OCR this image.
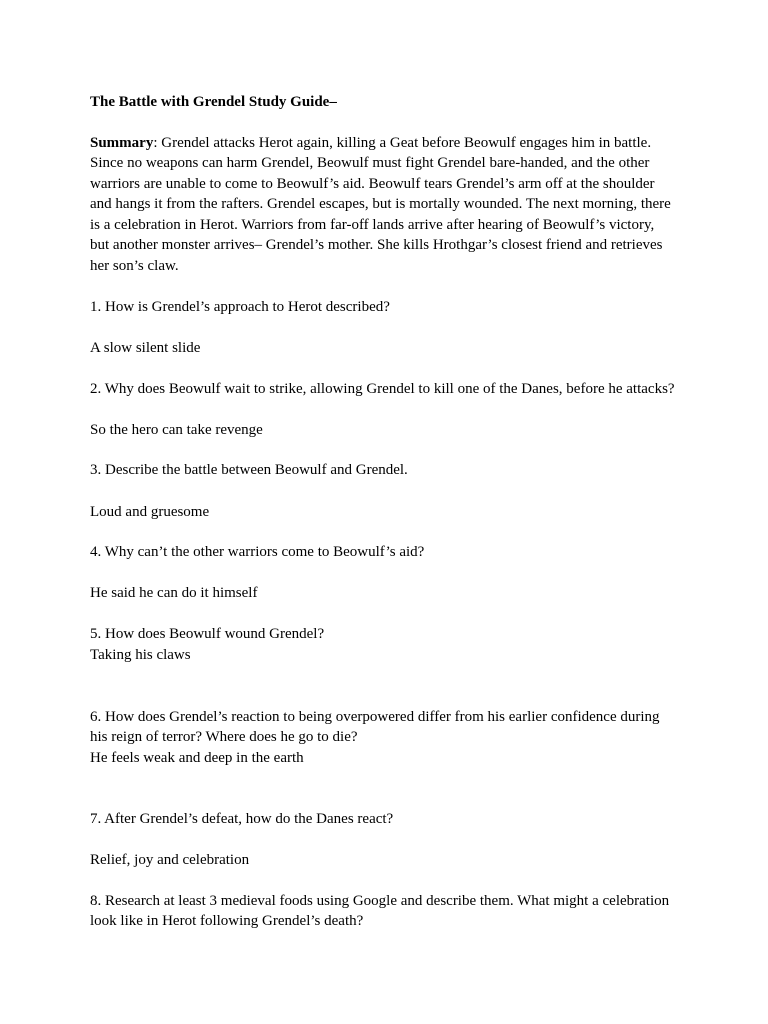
The Battle with Grendel Study Guide–
Summary: Grendel attacks Herot again, killing a Geat before Beowulf engages him in battle.
Since no weapons can harm Grendel, Beowulf must fight Grendel bare-handed, and the other
warriors are unable to come to Beowulf’s aid. Beowulf tears Grendel’s arm off at the shoulder
and hangs it from the rafters. Grendel escapes, but is mortally wounded. The next morning, there
is a celebration in Herot. Warriors from far-off lands arrive after hearing of Beowulf’s victory,
but another monster arrives– Grendel’s mother. She kills Hrothgar’s closest friend and retrieves
her son’s claw.
1. How is Grendel’s approach to Herot described?
A slow silent slide
2. Why does Beowulf wait to strike, allowing Grendel to kill one of the Danes, before he attacks?
So the hero can take revenge
3. Describe the battle between Beowulf and Grendel.
Loud and gruesome
4. Why can’t the other warriors come to Beowulf’s aid?
He said he can do it himself
5. How does Beowulf wound Grendel?
Taking his claws
6. How does Grendel’s reaction to being overpowered differ from his earlier confidence during
his reign of terror? Where does he go to die?
He feels weak and deep in the earth
7. After Grendel’s defeat, how do the Danes react?
Relief, joy and celebration
8. Research at least 3 medieval foods using Google and describe them. What might a celebration
look like in Herot following Grendel’s death?
